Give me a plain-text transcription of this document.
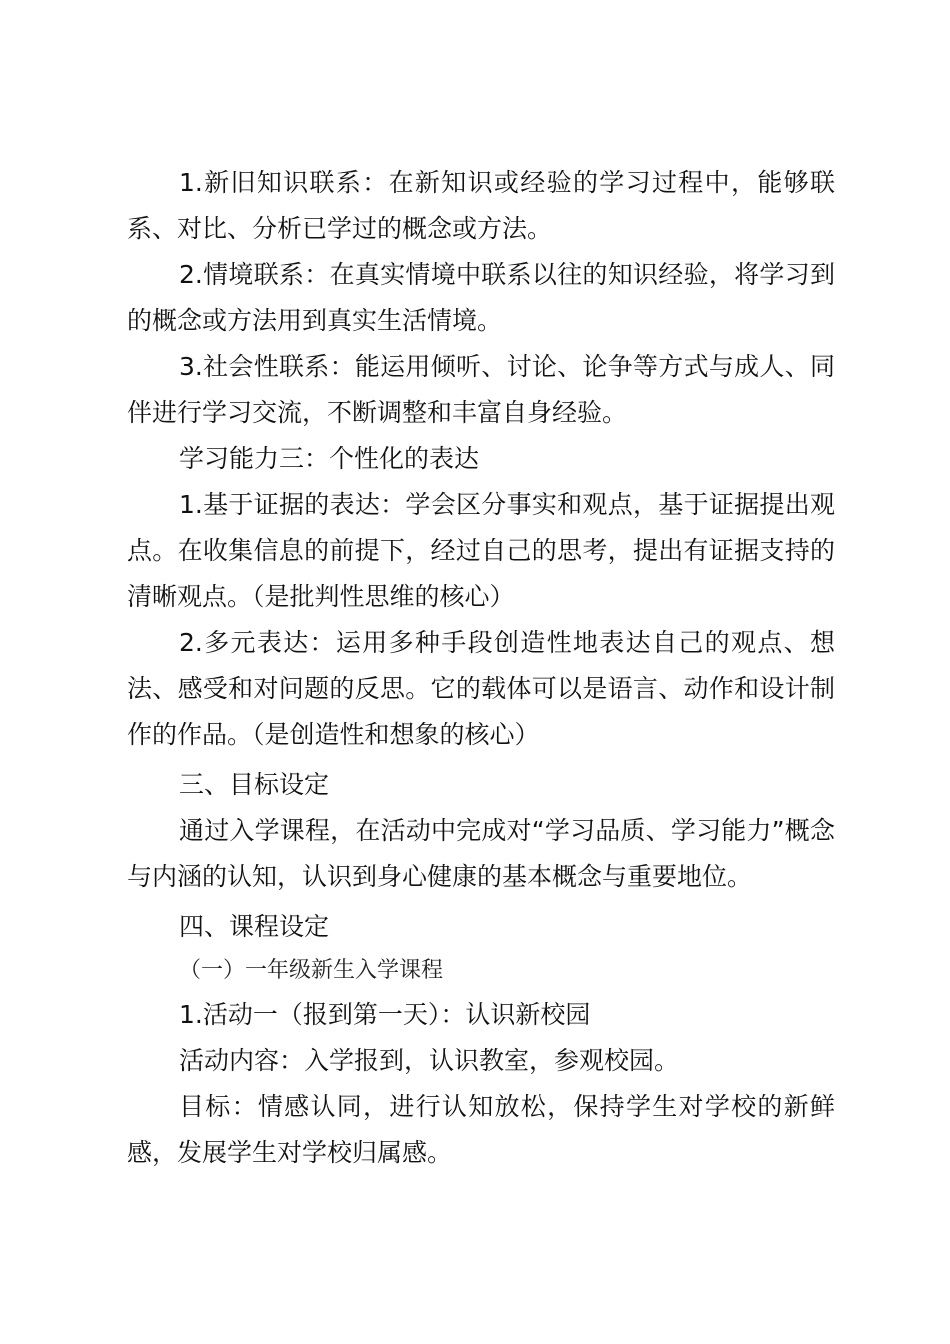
1.新旧知识联系：在新知识或经验的学习过程中，能够联系、对比、分析已学过的概念或方法。

2.情境联系：在真实情境中联系以往的知识经验，将学习到的概念或方法用到真实生活情境。

3.社会性联系：能运用倾听、讨论、论争等方式与成人、同伴进行学习交流，不断调整和丰富自身经验。

学习能力三：个性化的表达

1.基于证据的表达：学会区分事实和观点，基于证据提出观点。在收集信息的前提下，经过自己的思考，提出有证据支持的清晰观点。（是批判性思维的核心）

2.多元表达：运用多种手段创造性地表达自己的观点、想法、感受和对问题的反思。它的载体可以是语言、动作和设计制作的作品。（是创造性和想象的核心）

三、目标设定

通过入学课程，在活动中完成对“学习品质、学习能力”概念与内涵的认知，认识到身心健康的基本概念与重要地位。

四、课程设定

（一）一年级新生入学课程

1.活动一（报到第一天）：认识新校园

活动内容：入学报到，认识教室，参观校园。

目标：情感认同，进行认知放松，保持学生对学校的新鲜感，发展学生对学校归属感。
